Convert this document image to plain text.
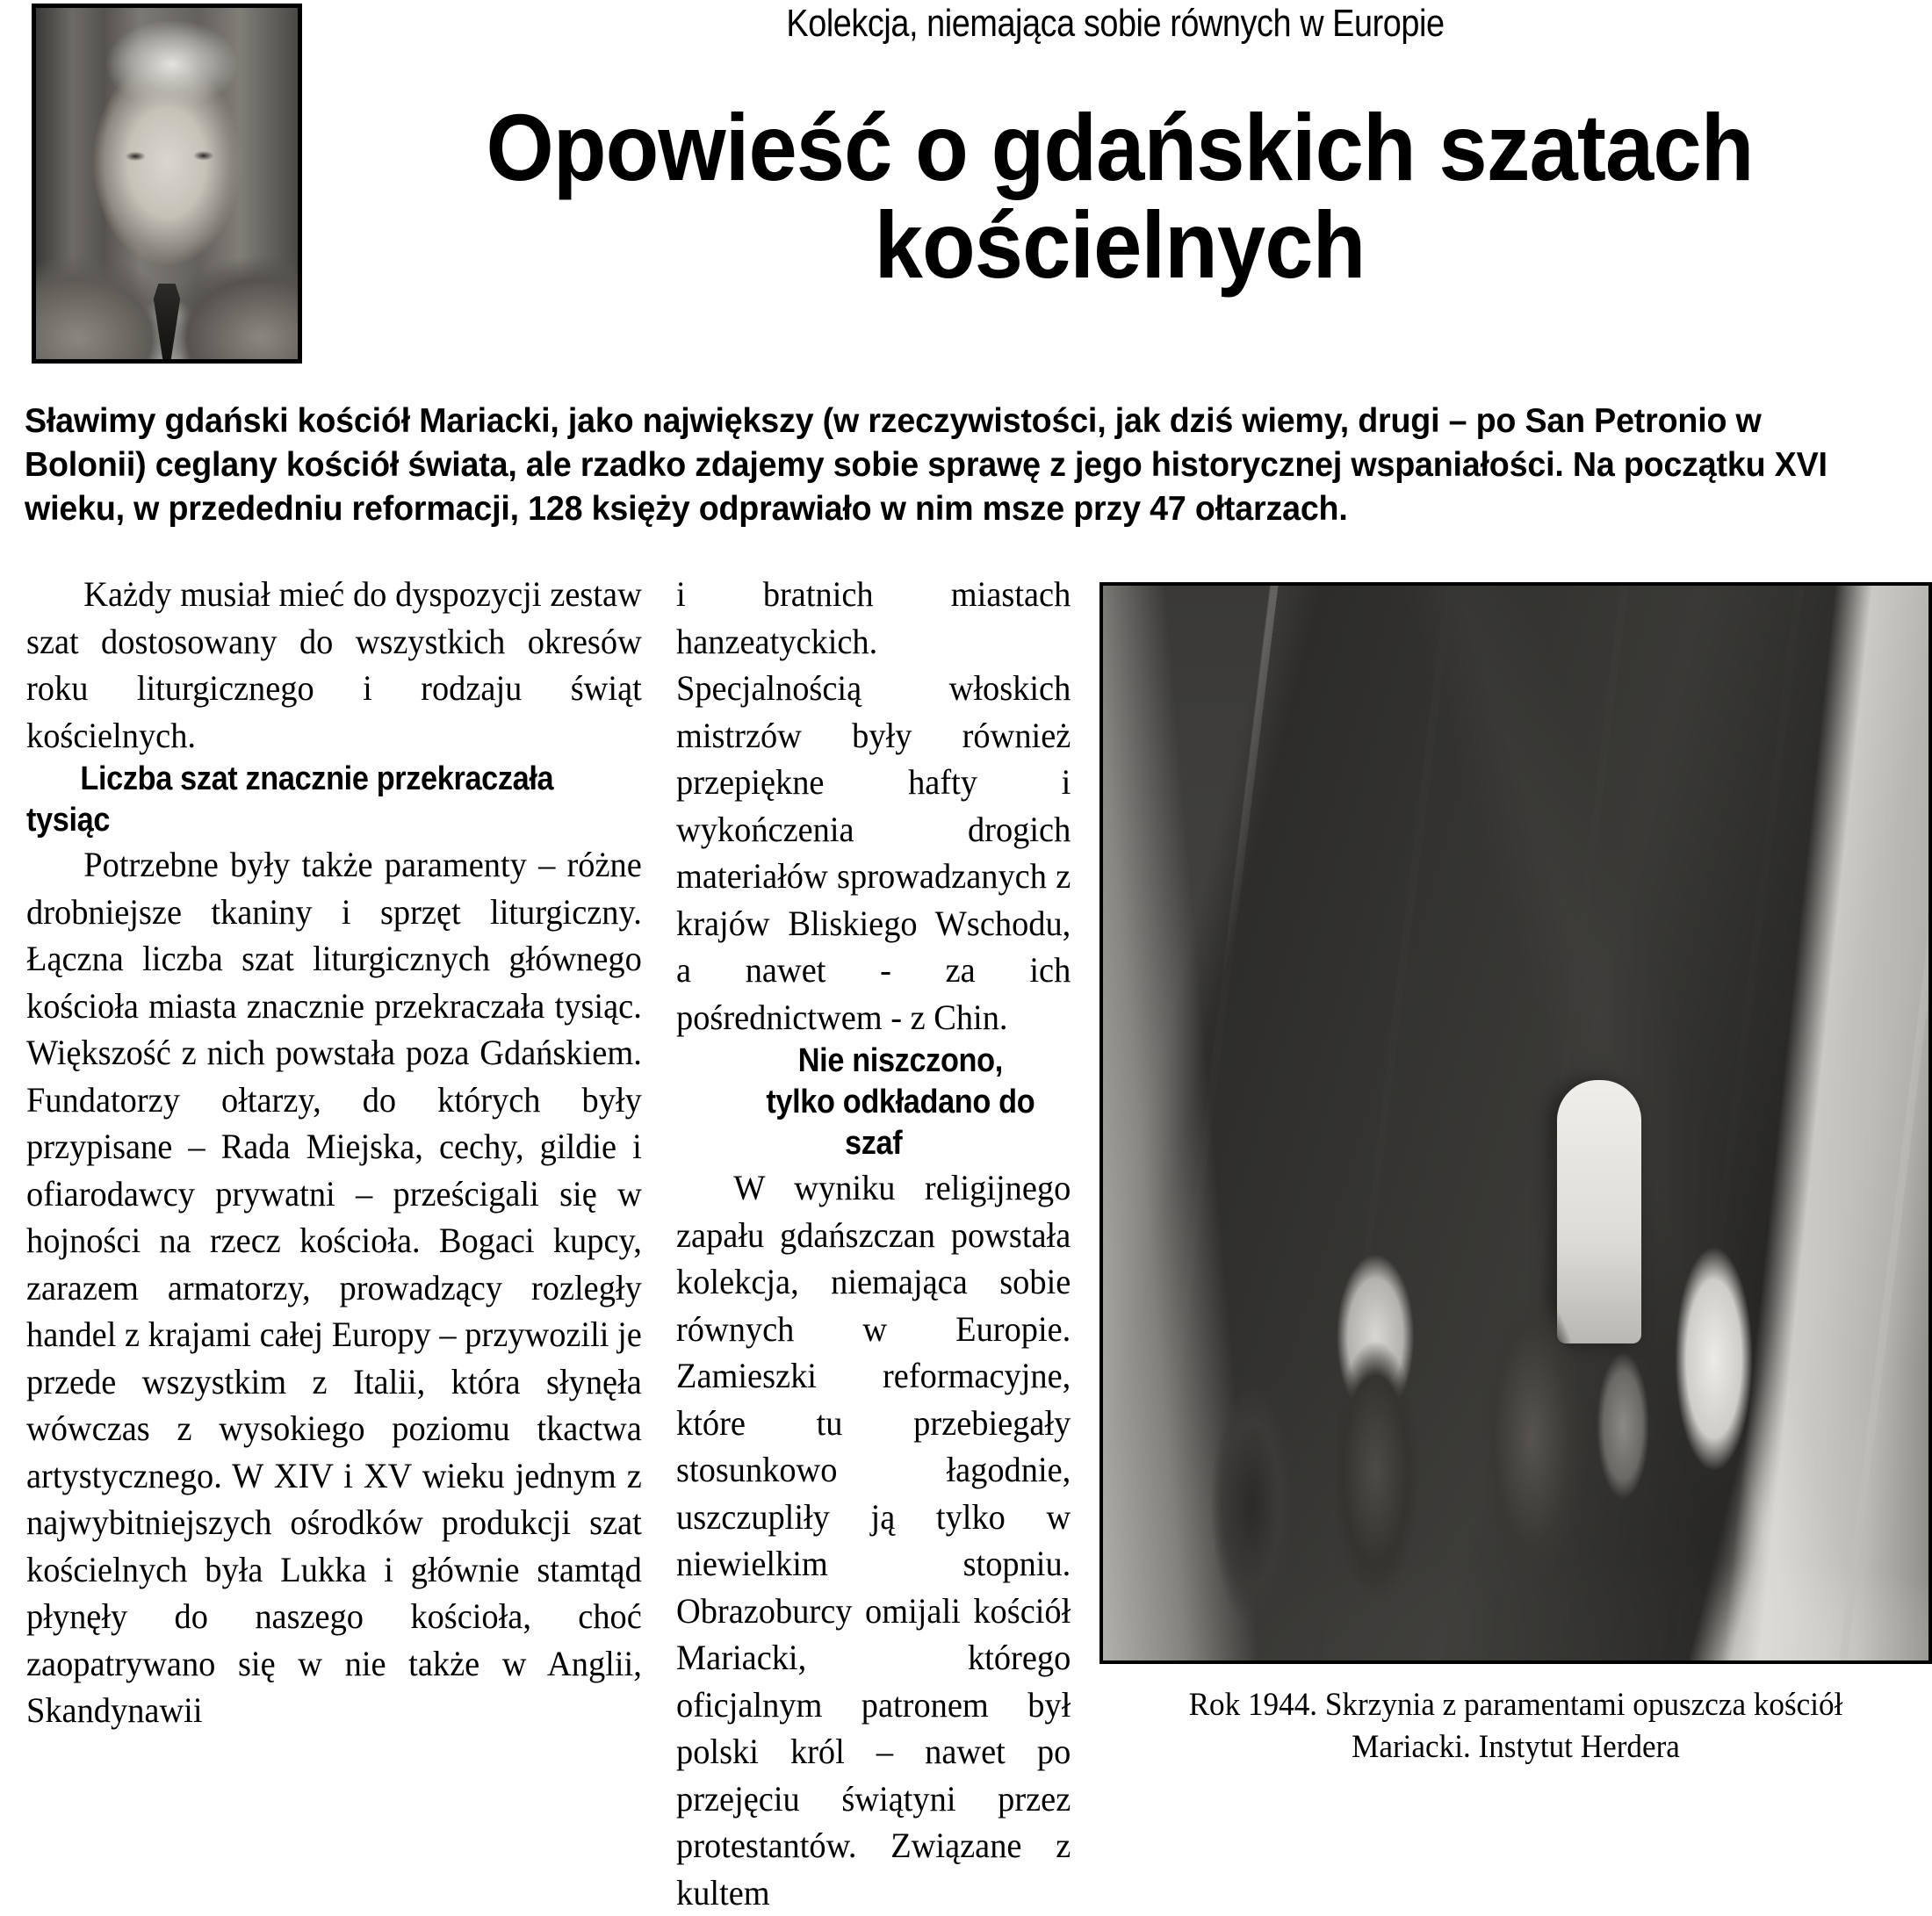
Kolekcja, niemająca sobie równych w Europie
Opowieść o gdańskich szatach
kościelnych
Sławimy gdański kościół Mariacki, jako największy (w rzeczywistości, jak dziś wiemy, drugi – po San Petronio w Bolonii) ceglany kościół świata, ale rzadko zdajemy sobie sprawę z jego historycznej wspaniałości. Na początku XVI wieku, w przededniu reformacji, 128 księży odprawiało w nim msze przy 47 ołtarzach.

Każdy musiał mieć do dyspozycji zestaw szat dostosowany do wszystkich okresów roku liturgicznego i rodzaju świąt kościelnych.

Liczba szat znacznie przekraczała tysiąc

Potrzebne były także paramenty – różne drobniejsze tkaniny i sprzęt liturgiczny. Łączna liczba szat liturgicznych głównego kościoła miasta znacznie przekraczała tysiąc. Większość z nich powstała poza Gdańskiem. Fundatorzy ołtarzy, do których były przypisane – Rada Miejska, cechy, gildie i ofiarodawcy prywatni – prześcigali się w hojności na rzecz kościoła. Bogaci kupcy, zarazem armatorzy, prowadzący rozległy handel z krajami całej Europy – przywozili je przede wszystkim z Italii, która słynęła wówczas z wysokiego poziomu tkactwa artystycznego. W XIV i XV wieku jednym z najwybitniejszych ośrodków produkcji szat kościelnych była Lukka i głównie stamtąd płynęły do naszego kościoła, choć zaopatrywano się w nie także w Anglii, Skandynawii

i bratnich miastach hanzeatyckich. Specjalnością włoskich mistrzów były również przepiękne hafty i wykończenia drogich materiałów sprowadzanych z krajów Bliskiego Wschodu, a nawet - za ich pośrednictwem - z Chin.

Nie niszczono,

tylko odkładano do szaf

W wyniku religijnego zapału gdańszczan powstała kolekcja, niemająca sobie równych w Europie. Zamieszki reformacyjne, które tu przebiegały stosunkowo łagodnie, uszczupliły ją tylko w niewielkim stopniu. Obrazoburcy omijali kościół Mariacki, którego oficjalnym patronem był polski król – nawet po przejęciu świątyni przez protestantów. Związane z kultem

Rok 1944. Skrzynia z paramentami opuszcza kościół Mariacki. Instytut Herdera
